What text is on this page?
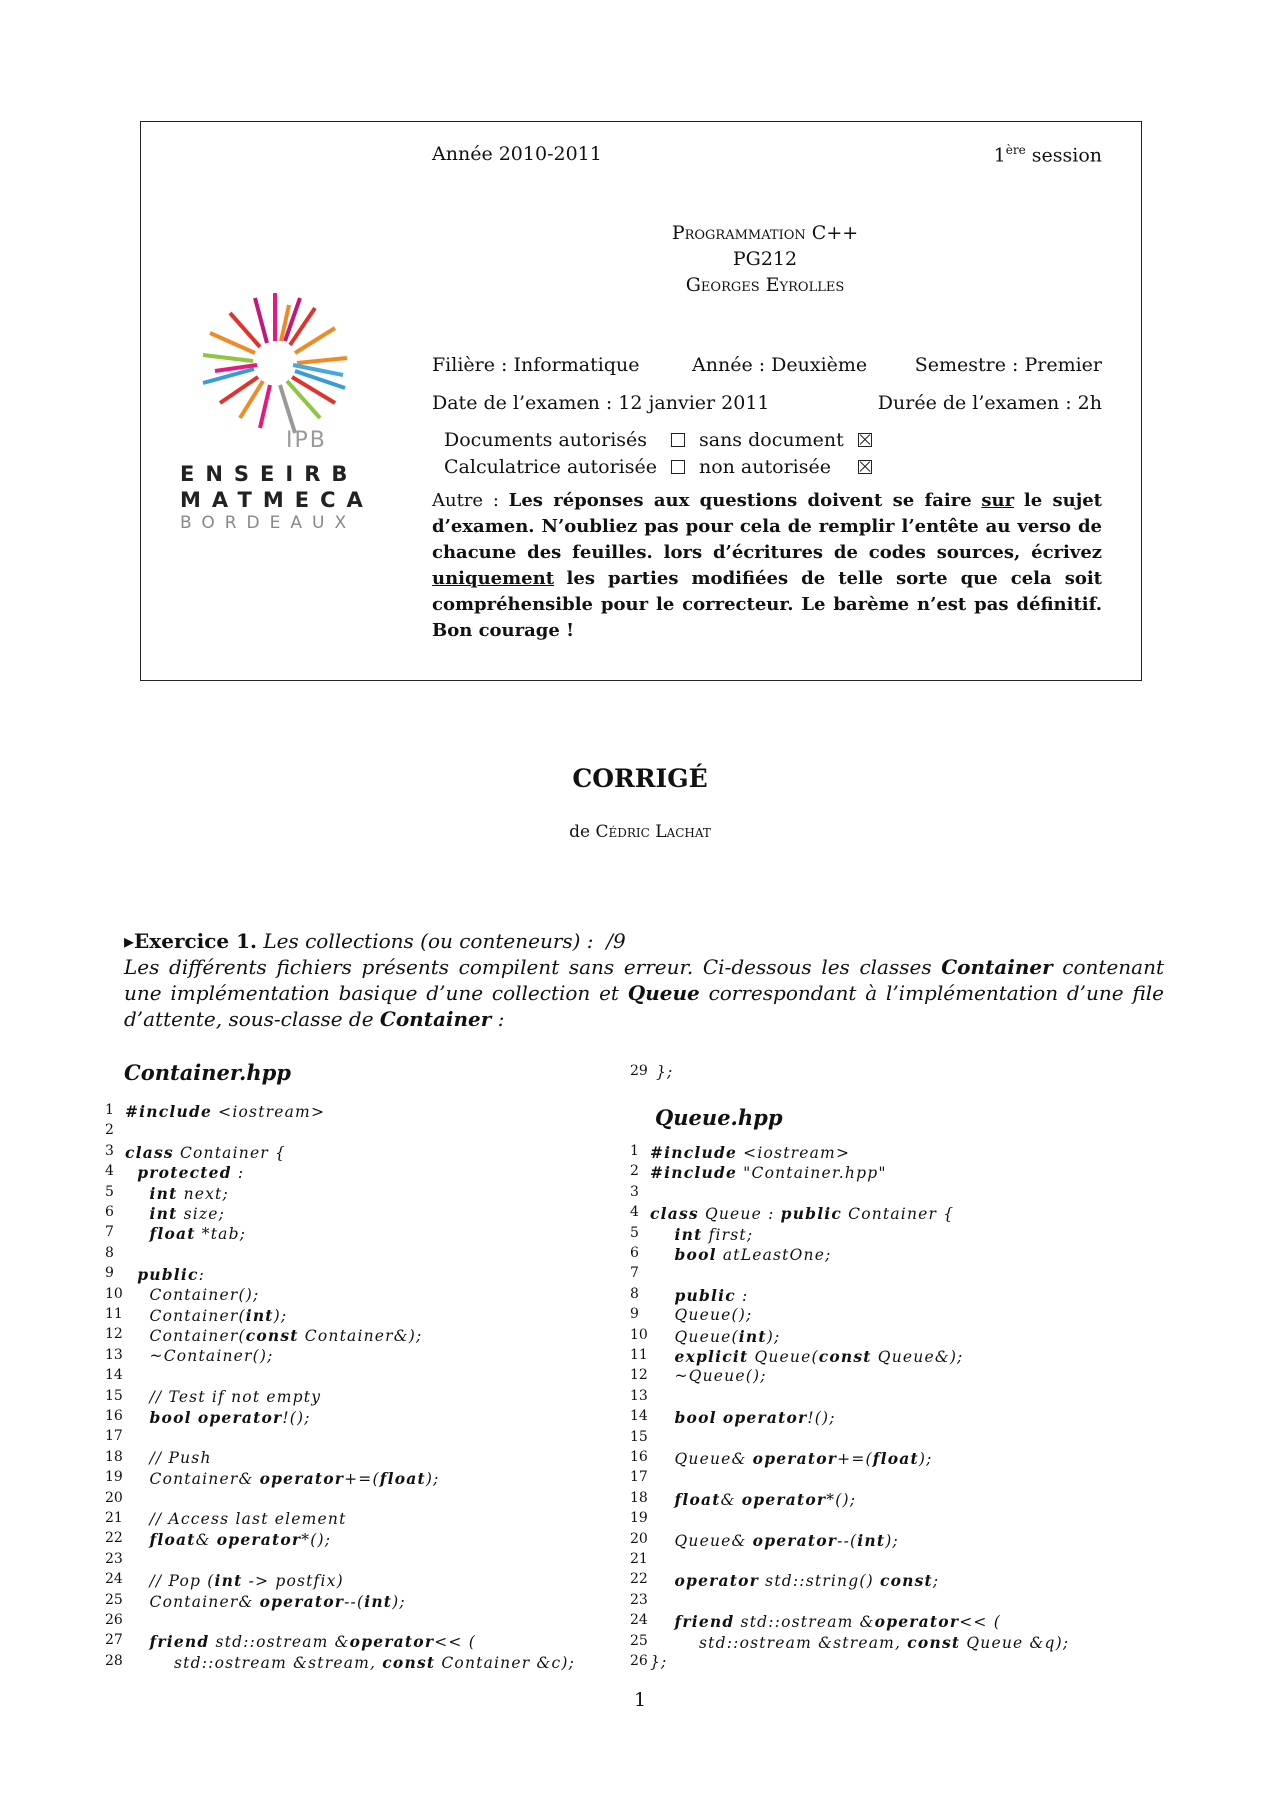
Année 2010-2011	1ère session
Programmation C++
PG212
Georges Eyrolles
Filière : Informatique	Année : Deuxième	Semestre : Premier
Date de l’examen : 12 janvier 2011	Durée de l’examen : 2h
Documents autorisés		sans document	
Calculatrice autorisée		non autorisée	
Autre : Les réponses aux questions doivent se faire sur le sujet d’examen. N’oubliez pas pour cela de remplir l’entête au verso de chacune des feuilles. lors d’écritures de codes sources, écrivez uniquement les parties modifiées de telle sorte que cela soit compréhensible pour le correcteur. Le barème n’est pas définitif. Bon courage !
IPB
ENSEIRB
MATMECA
BORDEAUX
CORRIGÉ
de Cédric Lachat
▸Exercice 1. Les collections (ou conteneurs) : /9
Les différents fichiers présents compilent sans erreur. Ci-dessous les classes Container contenant une implémentation basique d’une collection et Queue correspondant à l’implémentation d’une file d’attente, sous-classe de Container :
Container.hpp
Queue.hpp
1 #include <iostream>
2
3 class Container {
4	protected :
5	int next;
6	int size;
7	float *tab;
8
9	public:
10 Container();
11 Container(int);
12 Container(const Container&);
13 ~Container();
14
15 // Test if not empty
16	bool operator!();
17
18 // Push
19 Container& operator+=(float);
20
21 // Access last element
22	float& operator*();
23
24 // Pop (int -> postfix)
25 Container& operator--(int);
26
27	friend std::ostream &operator<< (
28 std::ostream &stream, const Container &c);
1 #include <iostream>
2 #include "Container.hpp"
3
4 class Queue : public Container {
5	int first;
6	bool atLeastOne;
7
8	public :
9 Queue();
10 Queue(int);
11	explicit Queue(const Queue&);
12 ~Queue();
13
14	bool operator!();
15
16 Queue& operator+=(float);
17
18	float& operator*();
19
20 Queue& operator--(int);
21
22	operator std::string() const;
23
24	friend std::ostream &operator<< (
25 std::ostream &stream, const Queue &q);
26 };
29 };
1
